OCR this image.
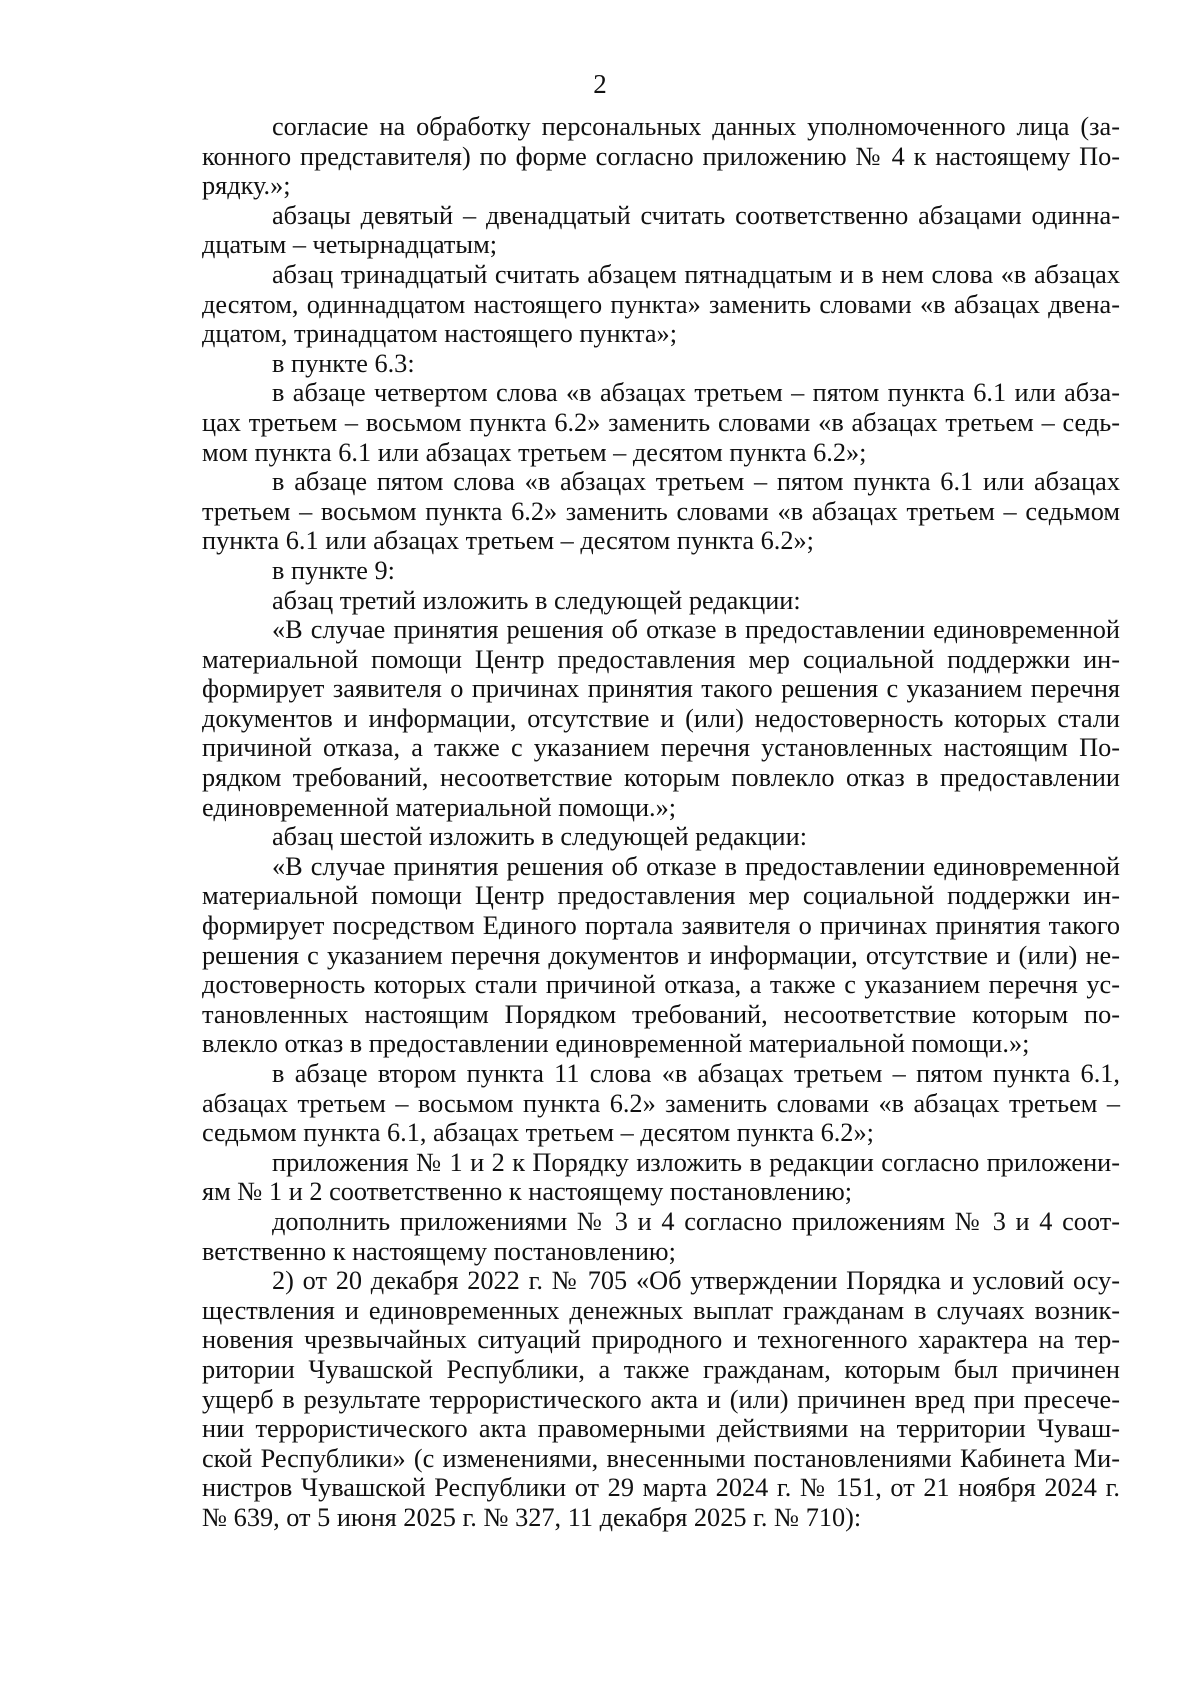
2

согласие на обработку персональных данных уполномоченного лица (законного представителя) по форме согласно приложению № 4 к настоящему Порядку.»;

абзацы девятый – двенадцатый считать соответственно абзацами одиннадцатым – четырнадцатым;

абзац тринадцатый считать абзацем пятнадцатым и в нем слова «в абзацах десятом, одиннадцатом настоящего пункта» заменить словами «в абзацах двенадцатом, тринадцатом настоящего пункта»;

в пункте 6.3:

в абзаце четвертом слова «в абзацах третьем – пятом пункта 6.1 или абзацах третьем – восьмом пункта 6.2» заменить словами «в абзацах третьем – седьмом пункта 6.1 или абзацах третьем – десятом пункта 6.2»;

в абзаце пятом слова «в абзацах третьем – пятом пункта 6.1 или абзацах третьем – восьмом пункта 6.2» заменить словами «в абзацах третьем – седьмом пункта 6.1 или абзацах третьем – десятом пункта 6.2»;

в пункте 9:

абзац третий изложить в следующей редакции:

«В случае принятия решения об отказе в предоставлении единовременной материальной помощи Центр предоставления мер социальной поддержки информирует заявителя о причинах принятия такого решения с указанием перечня документов и информации, отсутствие и (или) недостоверность которых стали причиной отказа, а также с указанием перечня установленных настоящим Порядком требований, несоответствие которым повлекло отказ в предоставлении единовременной материальной помощи.»;

абзац шестой изложить в следующей редакции:

«В случае принятия решения об отказе в предоставлении единовременной материальной помощи Центр предоставления мер социальной поддержки информирует посредством Единого портала заявителя о причинах принятия такого решения с указанием перечня документов и информации, отсутствие и (или) недостоверность которых стали причиной отказа, а также с указанием перечня установленных настоящим Порядком требований, несоответствие которым повлекло отказ в предоставлении единовременной материальной помощи.»;

в абзаце втором пункта 11 слова «в абзацах третьем – пятом пункта 6.1, абзацах третьем – восьмом пункта 6.2» заменить словами «в абзацах третьем – седьмом пункта 6.1, абзацах третьем – десятом пункта 6.2»;

приложения № 1 и 2 к Порядку изложить в редакции согласно приложениям № 1 и 2 соответственно к настоящему постановлению;

дополнить приложениями № 3 и 4 согласно приложениям № 3 и 4 соответственно к настоящему постановлению;

2) от 20 декабря 2022 г. № 705 «Об утверждении Порядка и условий осуществления и единовременных денежных выплат гражданам в случаях возникновения чрезвычайных ситуаций природного и техногенного характера на территории Чувашской Республики, а также гражданам, которым был причинен ущерб в результате террористического акта и (или) причинен вред при пресечении террористического акта правомерными действиями на территории Чувашской Республики» (с изменениями, внесенными постановлениями Кабинета Министров Чувашской Республики от 29 марта 2024 г. № 151, от 21 ноября 2024 г. № 639, от 5 июня 2025 г. № 327, 11 декабря 2025 г. № 710):
